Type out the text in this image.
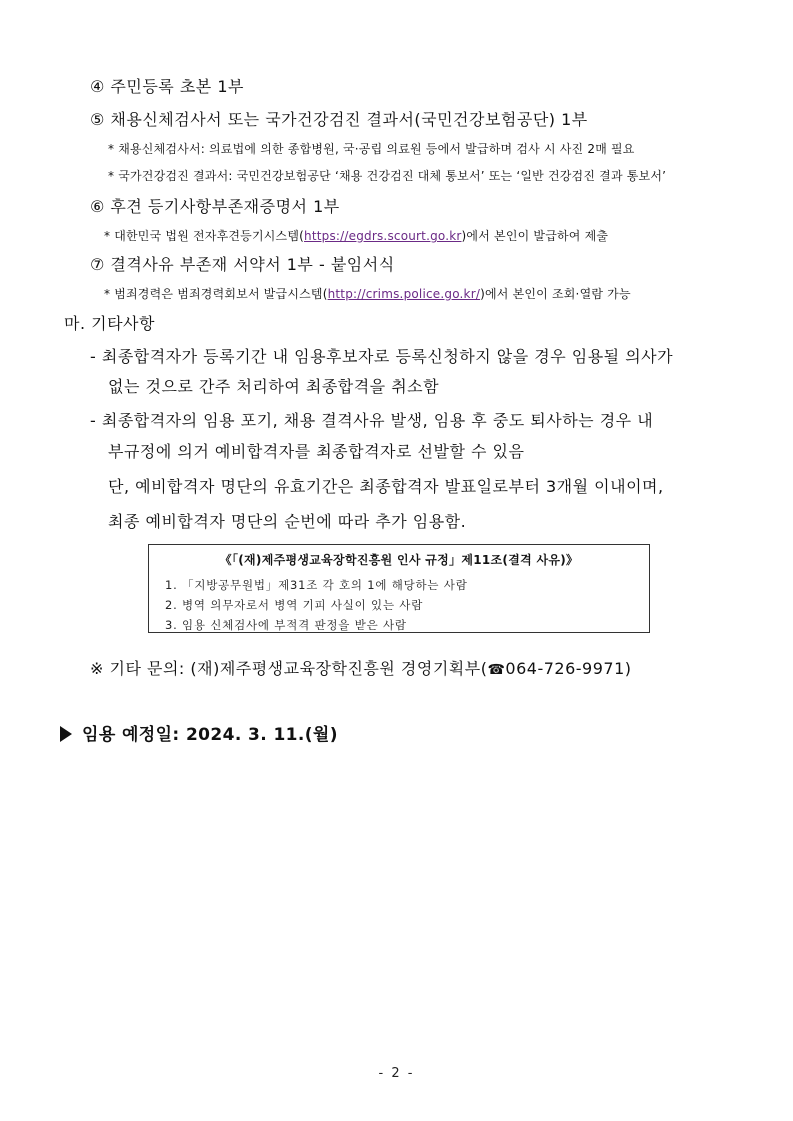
④ 주민등록 초본 1부
⑤ 채용신체검사서 또는 국가건강검진 결과서(국민건강보험공단) 1부
* 채용신체검사서: 의료법에 의한 종합병원, 국·공립 의료원 등에서 발급하며 검사 시 사진 2매 필요
* 국가건강검진 결과서: 국민건강보험공단 ‘채용 건강검진 대체 통보서’ 또는 ‘일반 건강검진 결과 통보서’
⑥ 후견 등기사항부존재증명서 1부
* 대한민국 법원 전자후견등기시스템(https://egdrs.scourt.go.kr)에서 본인이 발급하여 제출
⑦ 결격사유 부존재 서약서 1부 - 붙임서식
* 범죄경력은 범죄경력회보서 발급시스템(http://crims.police.go.kr/)에서 본인이 조회·열람 가능
마. 기타사항
- 최종합격자가 등록기간 내 임용후보자로 등록신청하지 않을 경우 임용될 의사가
없는 것으로 간주 처리하여 최종합격을 취소함
- 최종합격자의 임용 포기, 채용 결격사유 발생, 임용 후 중도 퇴사하는 경우 내
부규정에 의거 예비합격자를 최종합격자로 선발할 수 있음
단, 예비합격자 명단의 유효기간은 최종합격자 발표일로부터 3개월 이내이며,
최종 예비합격자 명단의 순번에 따라 추가 임용함.
《「(재)제주평생교육장학진흥원 인사 규정」제11조(결격 사유)》
1. 「지방공무원법」제31조 각 호의 1에 해당하는 사람
2. 병역 의무자로서 병역 기피 사실이 있는 사람
3. 임용 신체검사에 부적격 판정을 받은 사람
※ 기타 문의: (재)제주평생교육장학진흥원 경영기획부(☎064-726-9971)
임용 예정일: 2024. 3. 11.(월)
- 2 -
